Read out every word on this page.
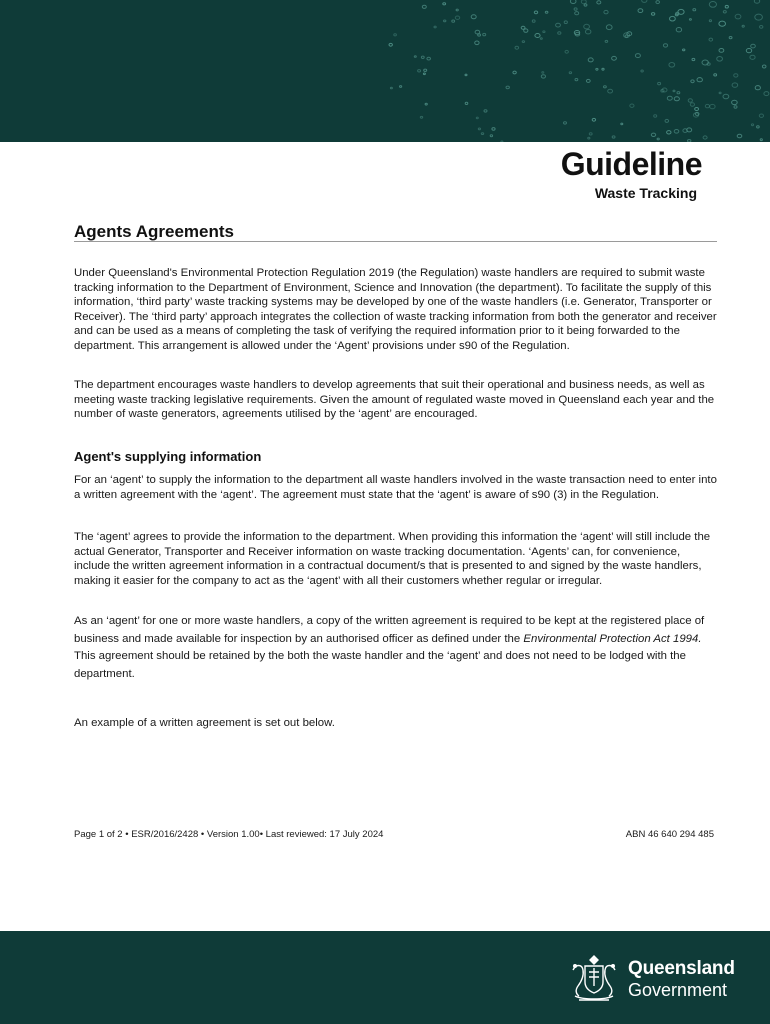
Guideline
Waste Tracking
Agents Agreements

Under Queensland's Environmental Protection Regulation 2019 (the Regulation) waste handlers are required to submit waste tracking information to the Department of Environment, Science and Innovation (the department). To facilitate the supply of this information, ‘third party’ waste tracking systems may be developed by one of the waste handlers (i.e. Generator, Transporter or Receiver). The ‘third party’ approach integrates the collection of waste tracking information from both the generator and receiver and can be used as a means of completing the task of verifying the required information prior to it being forwarded to the department. This arrangement is allowed under the ‘Agent’ provisions under s90 of the Regulation.

The department encourages waste handlers to develop agreements that suit their operational and business needs, as well as meeting waste tracking legislative requirements. Given the amount of regulated waste moved in Queensland each year and the number of waste generators, agreements utilised by the ‘agent’ are encouraged.

Agent's supplying information

For an ‘agent’ to supply the information to the department all waste handlers involved in the waste transaction need to enter into a written agreement with the ‘agent’. The agreement must state that the ‘agent’ is aware of s90 (3) in the Regulation.

The ‘agent’ agrees to provide the information to the department. When providing this information the ‘agent’ will still include the actual Generator, Transporter and Receiver information on waste tracking documentation. ‘Agents’ can, for convenience, include the written agreement information in a contractual document/s that is presented to and signed by the waste handlers, making it easier for the company to act as the ‘agent’ with all their customers whether regular or irregular.

As an ‘agent’ for one or more waste handlers, a copy of the written agreement is required to be kept at the registered place of business and made available for inspection by an authorised officer as defined under the Environmental Protection Act 1994. This agreement should be retained by the both the waste handler and the ‘agent’ and does not need to be lodged with the department.

An example of a written agreement is set out below.

Page 1 of 2 • ESR/2016/2428 • Version 1.00• Last reviewed: 17 July 2024	ABN 46 640 294 485
Queensland
Government
